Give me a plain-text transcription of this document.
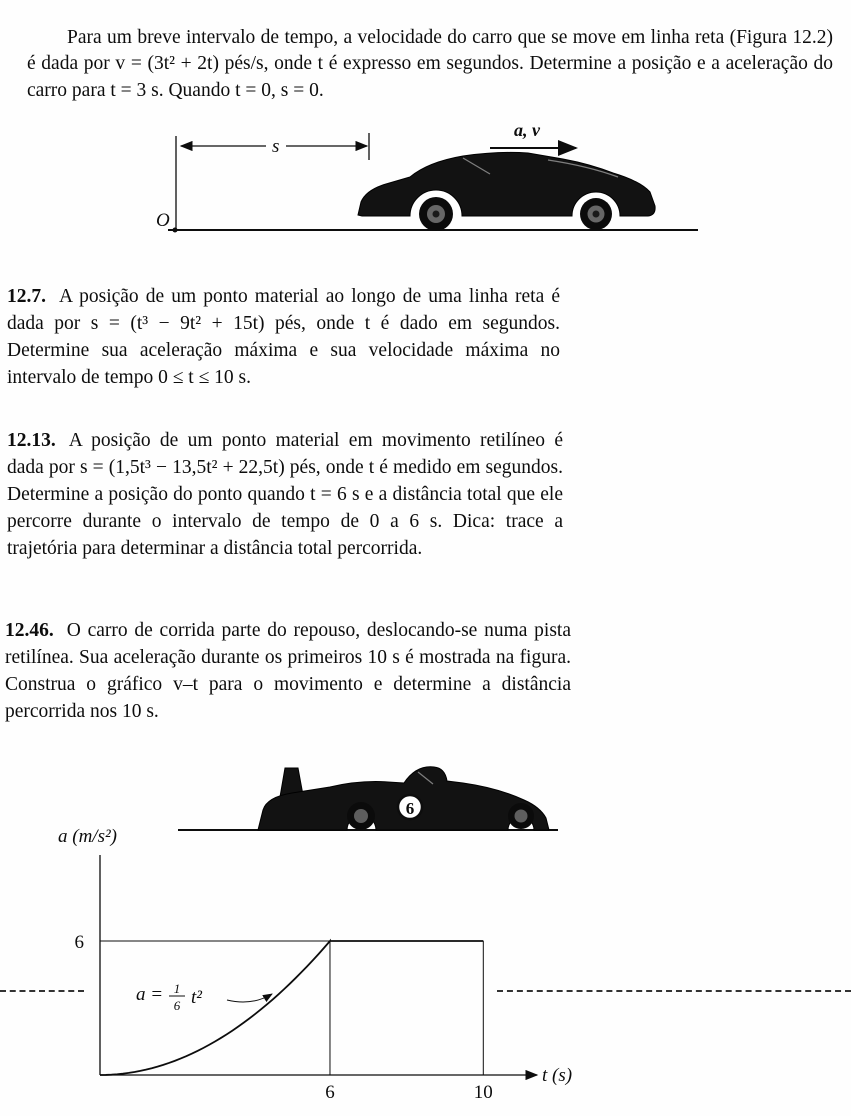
Para um breve intervalo de tempo, a velocidade do carro que se move em linha reta (Figura 12.2) é dada por v = (3t² + 2t) pés/s, onde t é expresso em segundos. Determine a posição e a aceleração do carro para t = 3 s. Quando t = 0, s = 0.

O
s
a, v

12.7. A posição de um ponto material ao longo de uma linha reta é dada por s = (t³ − 9t² + 15t) pés, onde t é dado em segundos. Determine sua aceleração máxima e sua velocidade máxima no intervalo de tempo 0 ≤ t ≤ 10 s.

12.13. A posição de um ponto material em movimento retilíneo é dada por s = (1,5t³ − 13,5t² + 22,5t) pés, onde t é medido em segundos. Determine a posição do ponto quando t = 6 s e a distância total que ele percorre durante o intervalo de tempo de 0 a 6 s. Dica: trace a trajetória para determinar a distância total percorrida.

12.46. O carro de corrida parte do repouso, deslocando-se numa pista retilínea. Sua aceleração durante os primeiros 10 s é mostrada na figura. Construa o gráfico v–t para o movimento e determine a distância percorrida nos 10 s.

6
6
6	10
a (m/s²)
t (s)
a = 1
6 t²
